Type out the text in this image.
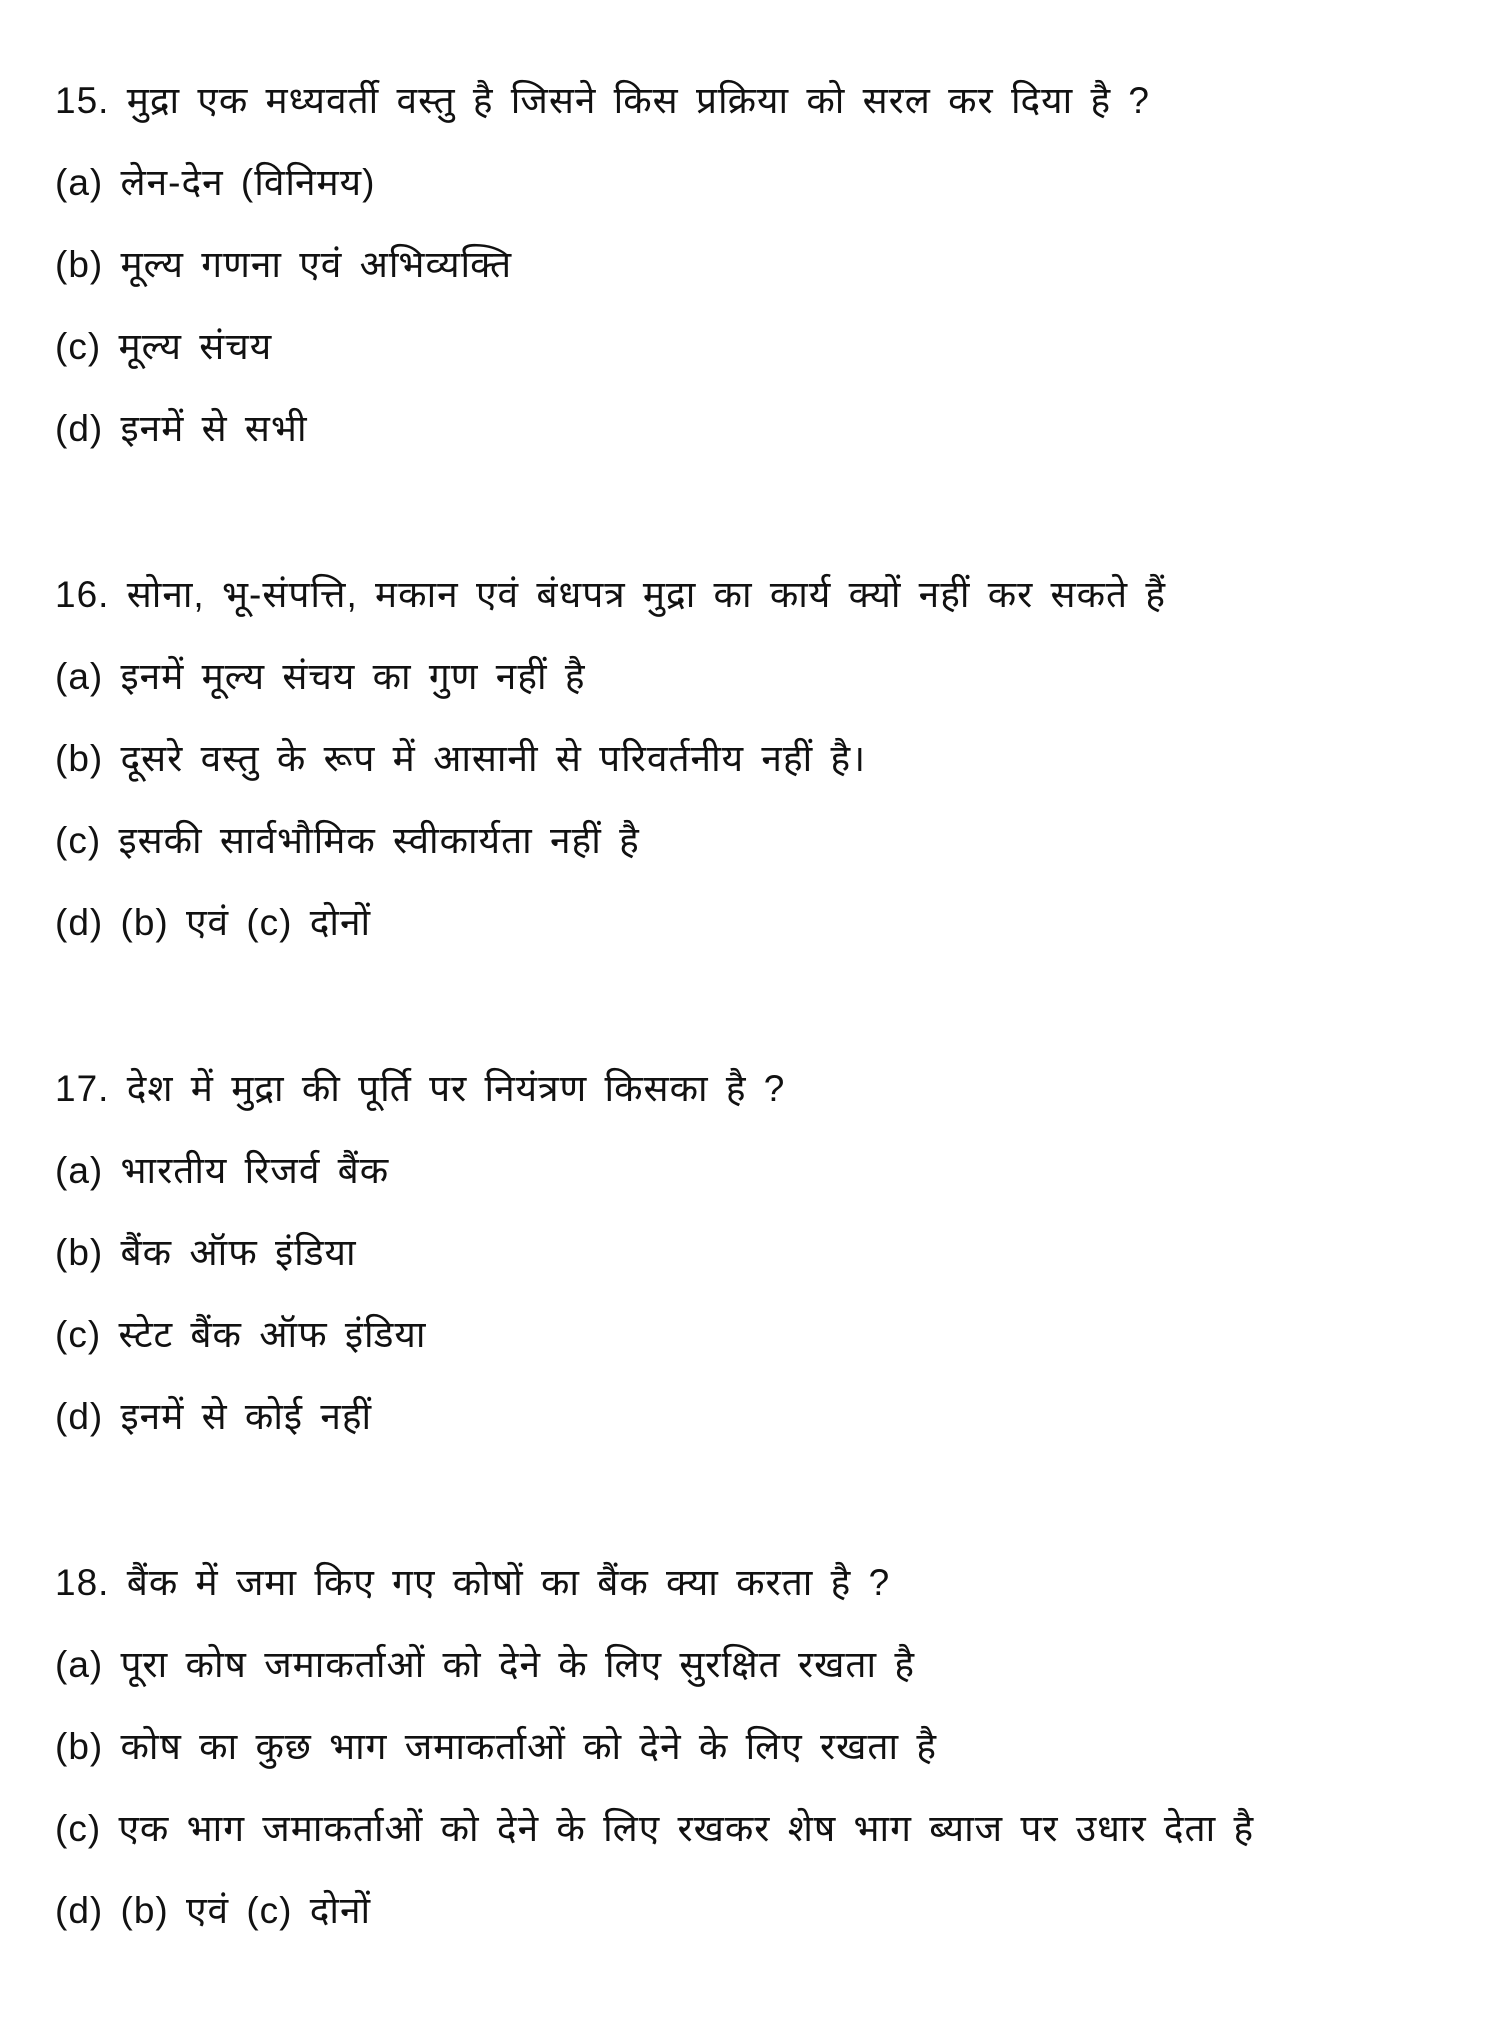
15. मुद्रा एक मध्यवर्ती वस्तु है जिसने किस प्रक्रिया को सरल कर दिया है ?
(a) लेन-देन (विनिमय)
(b) मूल्य गणना एवं अभिव्यक्ति
(c) मूल्य संचय
(d) इनमें से सभी
16. सोना, भू-संपत्ति, मकान एवं बंधपत्र मुद्रा का कार्य क्यों नहीं कर सकते हैं
(a) इनमें मूल्य संचय का गुण नहीं है
(b) दूसरे वस्तु के रूप में आसानी से परिवर्तनीय नहीं है।
(c) इसकी सार्वभौमिक स्वीकार्यता नहीं है
(d) (b) एवं (c) दोनों
17. देश में मुद्रा की पूर्ति पर नियंत्रण किसका है ?
(a) भारतीय रिजर्व बैंक
(b) बैंक ऑफ इंडिया
(c) स्टेट बैंक ऑफ इंडिया
(d) इनमें से कोई नहीं
18. बैंक में जमा किए गए कोषों का बैंक क्या करता है ?
(a) पूरा कोष जमाकर्ताओं को देने के लिए सुरक्षित रखता है
(b) कोष का कुछ भाग जमाकर्ताओं को देने के लिए रखता है
(c) एक भाग जमाकर्ताओं को देने के लिए रखकर शेष भाग ब्याज पर उधार देता है
(d) (b) एवं (c) दोनों
